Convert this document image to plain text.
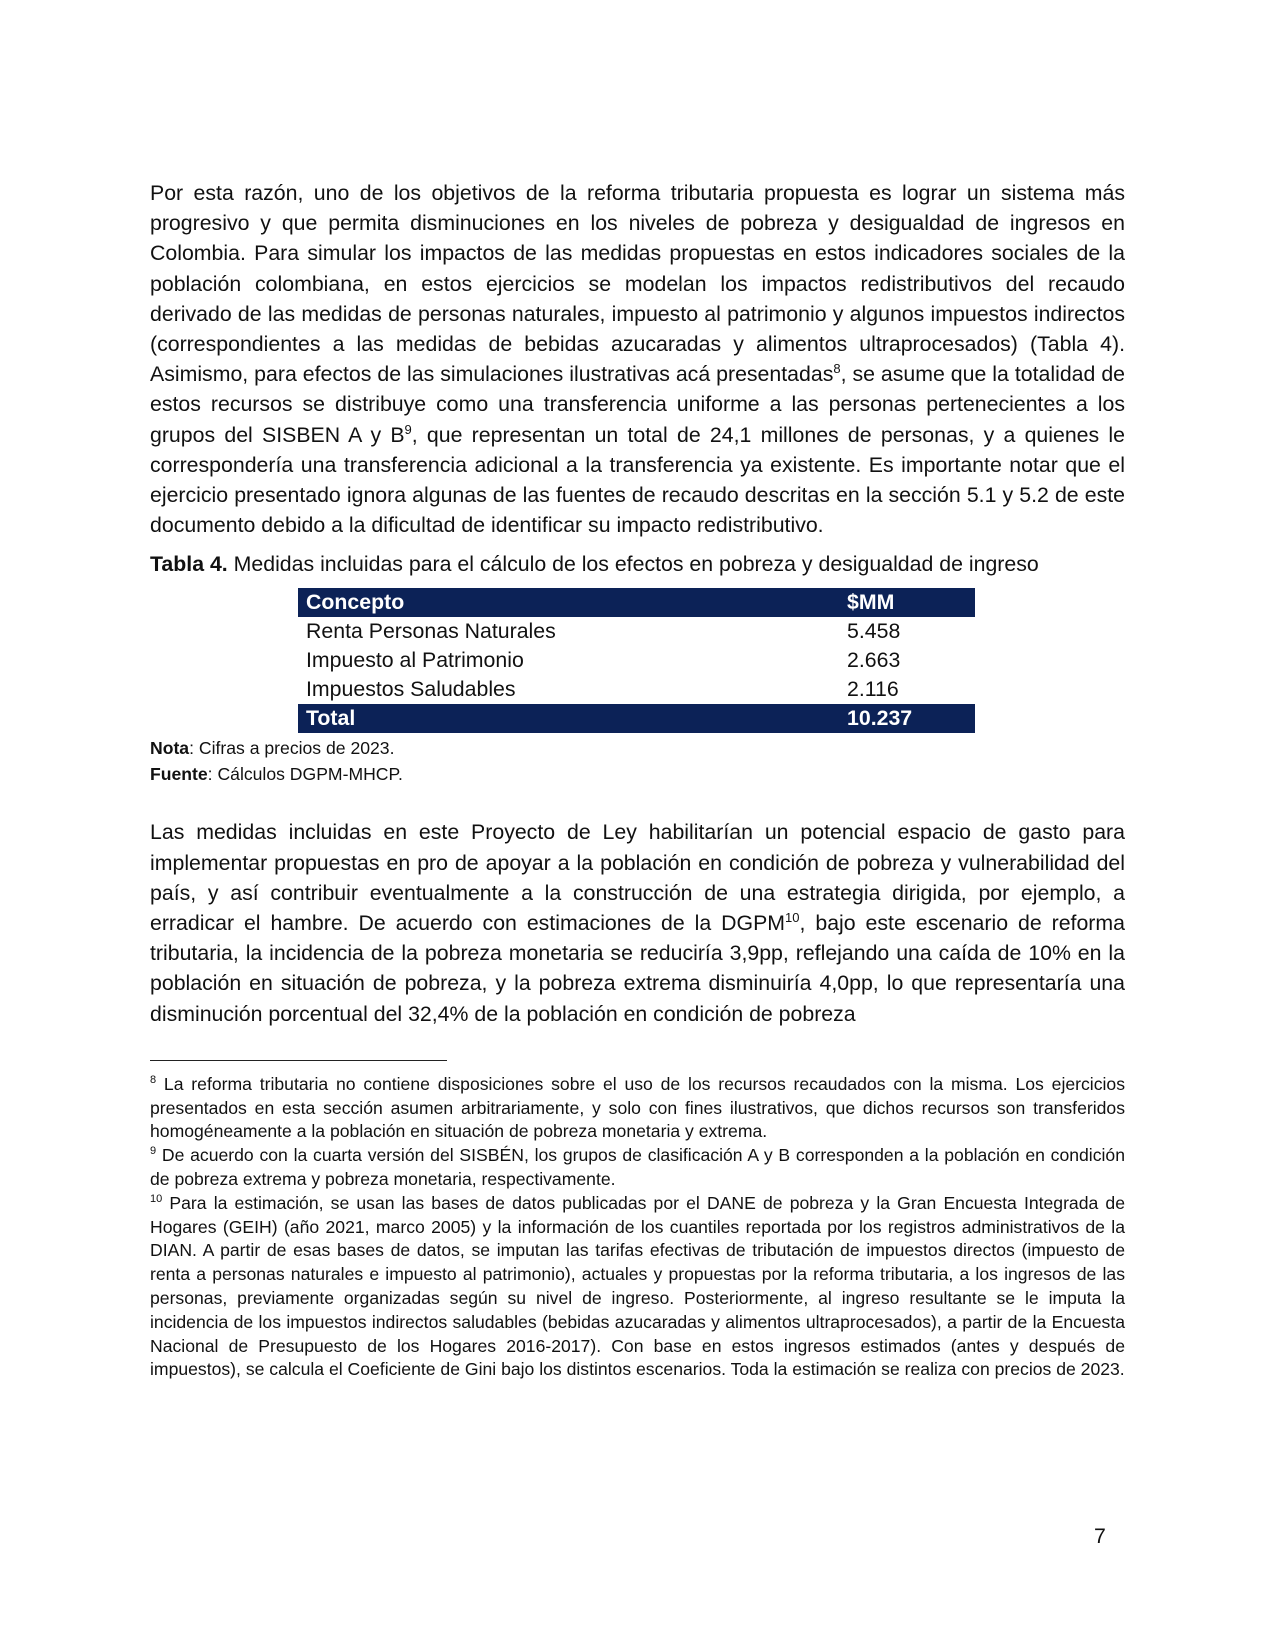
Por esta razón, uno de los objetivos de la reforma tributaria propuesta es lograr un sistema más progresivo y que permita disminuciones en los niveles de pobreza y desigualdad de ingresos en Colombia. Para simular los impactos de las medidas propuestas en estos indicadores sociales de la población colombiana, en estos ejercicios se modelan los impactos redistributivos del recaudo derivado de las medidas de personas naturales, impuesto al patrimonio y algunos impuestos indirectos (correspondientes a las medidas de bebidas azucaradas y alimentos ultraprocesados) (Tabla 4). Asimismo, para efectos de las simulaciones ilustrativas acá presentadas$^8$, se asume que la totalidad de estos recursos se distribuye como una transferencia uniforme a las personas pertenecientes a los grupos del SISBEN A y $B^9$, que representan un total de 24,1 millones de personas, y a quienes le correspondería una transferencia adicional a la transferencia ya existente. Es importante notar que el ejercicio presentado ignora algunas de las fuentes de recaudo descritas en la sección 5.1 y 5.2 de este documento debido a la dificultad de identificar su impacto redistributivo.

Tabla 4. Medidas incluidas para el cálculo de los efectos en pobreza y desigualdad de ingreso

Concepto	$MM
Renta Personas Naturales	5.458
Impuesto al Patrimonio	2.663
Impuestos Saludables	2.116
Total	10.237
Nota: Cifras a precios de 2023.
Fuente: Cálculos DGPM-MHCP.

Las medidas incluidas en este Proyecto de Ley habilitarían un potencial espacio de gasto para implementar propuestas en pro de apoyar a la población en condición de pobreza y vulnerabilidad del país, y así contribuir eventualmente a la construcción de una estrategia dirigida, por ejemplo, a erradicar el hambre. De acuerdo con estimaciones de la DGPM$^{10}$, bajo este escenario de reforma tributaria, la incidencia de la pobreza monetaria se reduciría 3,9pp, reflejando una caída de 10% en la población en situación de pobreza, y la pobreza extrema disminuiría 4,0pp, lo que representaría una disminución porcentual del 32,4% de la población en condición de pobreza

$^8$ La reforma tributaria no contiene disposiciones sobre el uso de los recursos recaudados con la misma. Los ejercicios presentados en esta sección asumen arbitrariamente, y solo con fines ilustrativos, que dichos recursos son transferidos homogéneamente a la población en situación de pobreza monetaria y extrema.

$^9$ De acuerdo con la cuarta versión del SISBÉN, los grupos de clasificación A y B corresponden a la población en condición de pobreza extrema y pobreza monetaria, respectivamente.

$^{10}$ Para la estimación, se usan las bases de datos publicadas por el DANE de pobreza y la Gran Encuesta Integrada de Hogares (GEIH) (año 2021, marco 2005) y la información de los cuantiles reportada por los registros administrativos de la DIAN. A partir de esas bases de datos, se imputan las tarifas efectivas de tributación de impuestos directos (impuesto de renta a personas naturales e impuesto al patrimonio), actuales y propuestas por la reforma tributaria, a los ingresos de las personas, previamente organizadas según su nivel de ingreso. Posteriormente, al ingreso resultante se le imputa la incidencia de los impuestos indirectos saludables (bebidas azucaradas y alimentos ultraprocesados), a partir de la Encuesta Nacional de Presupuesto de los Hogares 2016-2017). Con base en estos ingresos estimados (antes y después de impuestos), se calcula el Coeficiente de Gini bajo los distintos escenarios. Toda la estimación se realiza con precios de 2023.

7
